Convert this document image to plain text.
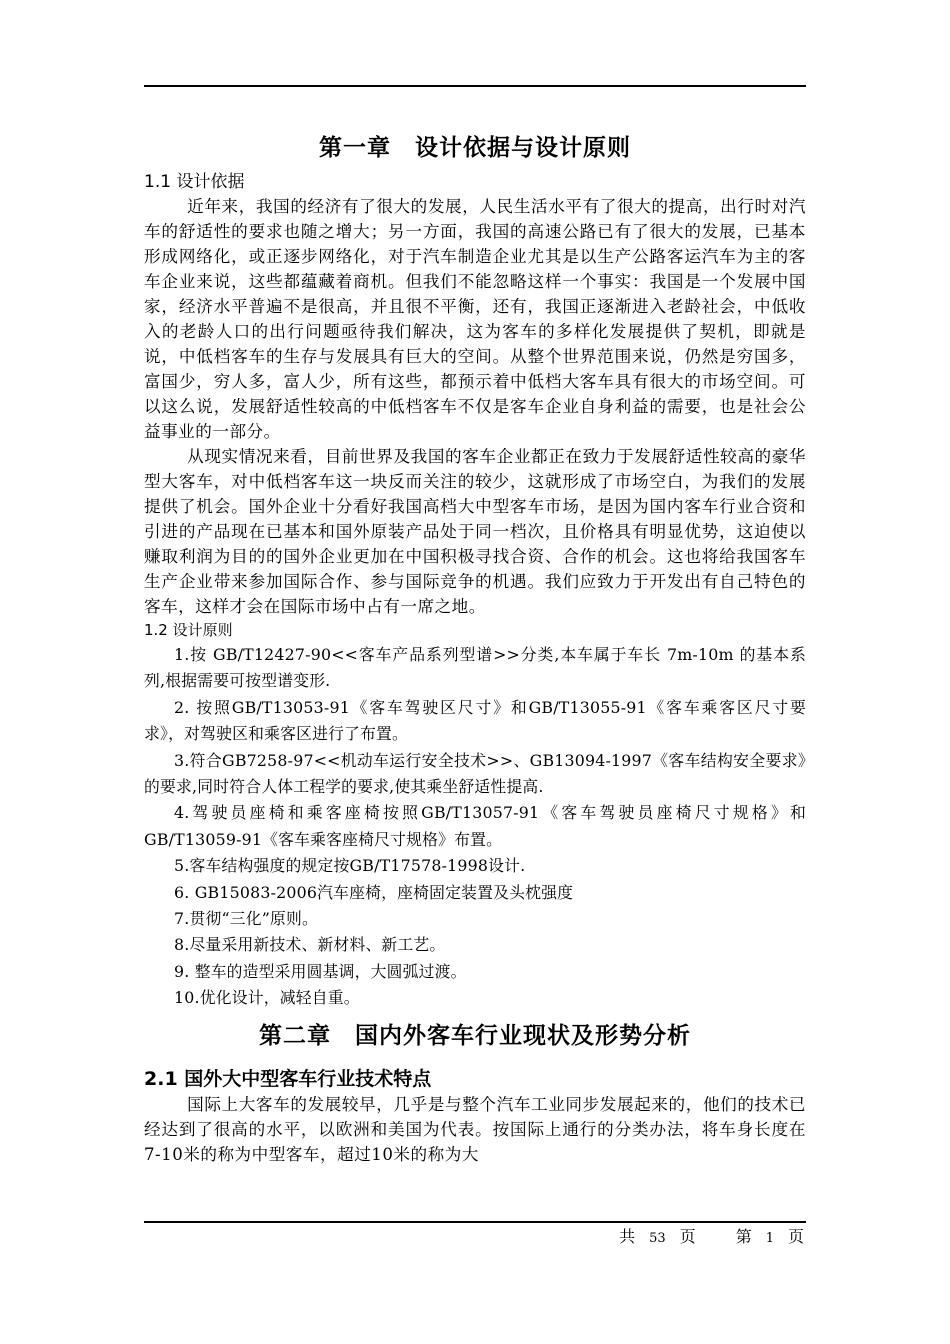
第一章　设计依据与设计原则
1.1 设计依据

近年来，我国的经济有了很大的发展，人民生活水平有了很大的提高，出行时对汽车的舒适性的要求也随之增大；另一方面，我国的高速公路已有了很大的发展，已基本形成网络化，或正逐步网络化，对于汽车制造企业尤其是以生产公路客运汽车为主的客车企业来说，这些都蕴藏着商机。但我们不能忽略这样一个事实：我国是一个发展中国家，经济水平普遍不是很高，并且很不平衡，还有，我国正逐渐进入老龄社会，中低收入的老龄人口的出行问题亟待我们解决，这为客车的多样化发展提供了契机，即就是说，中低档客车的生存与发展具有巨大的空间。从整个世界范围来说，仍然是穷国多，富国少，穷人多，富人少，所有这些，都预示着中低档大客车具有很大的市场空间。可以这么说，发展舒适性较高的中低档客车不仅是客车企业自身利益的需要，也是社会公益事业的一部分。

从现实情况来看，目前世界及我国的客车企业都正在致力于发展舒适性较高的豪华型大客车，对中低档客车这一块反而关注的较少，这就形成了市场空白，为我们的发展提供了机会。国外企业十分看好我国高档大中型客车市场，是因为国内客车行业合资和引进的产品现在已基本和国外原装产品处于同一档次，且价格具有明显优势，这迫使以赚取利润为目的的国外企业更加在中国积极寻找合资、合作的机会。这也将给我国客车生产企业带来参加国际合作、参与国际竞争的机遇。我们应致力于开发出有自己特色的客车，这样才会在国际市场中占有一席之地。

1.2 设计原则

1.按 GB/T12427-90<<客车产品系列型谱>>分类,本车属于车长 7m-10m 的基本系列,根据需要可按型谱变形.

2. 按照GB/T13053-91《客车驾驶区尺寸》和GB/T13055-91《客车乘客区尺寸要求》，对驾驶区和乘客区进行了布置。

3.符合GB7258-97<<机动车运行安全技术>>、GB13094-1997《客车结构安全要求》的要求,同时符合人体工程学的要求,使其乘坐舒适性提高.

4.驾驶员座椅和乘客座椅按照GB/T13057-91《客车驾驶员座椅尺寸规格》和GB/T13059-91《客车乘客座椅尺寸规格》布置。

5.客车结构强度的规定按GB/T17578-1998设计.

6. GB15083-2006汽车座椅，座椅固定装置及头枕强度

7.贯彻“三化”原则。

8.尽量采用新技术、新材料、新工艺。

9. 整车的造型采用圆基调，大圆弧过渡。

10.优化设计，减轻自重。

第二章　国内外客车行业现状及形势分析
2.1 国外大中型客车行业技术特点

国际上大客车的发展较早，几乎是与整个汽车工业同步发展起来的，他们的技术已经达到了很高的水平，以欧洲和美国为代表。按国际上通行的分类办法，将车身长度在7-10米的称为中型客车，超过10米的称为大

共 53 页	第 1 页
